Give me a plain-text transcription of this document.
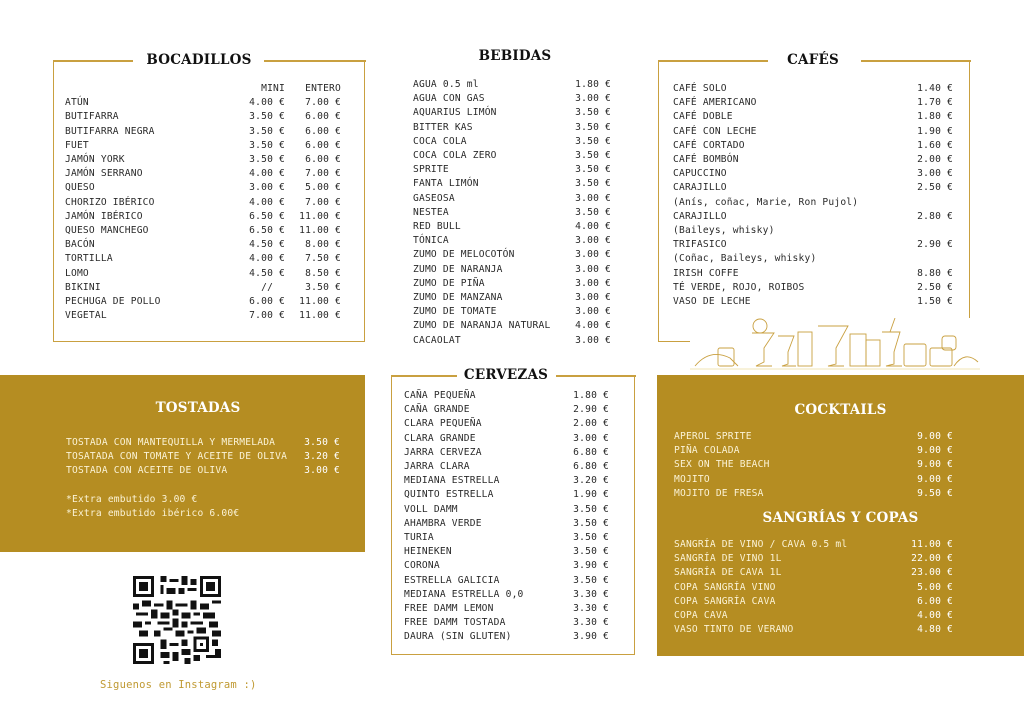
BOCADILLOS
MINI	ENTERO
ATÚN	4.00 €	7.00 €
BUTIFARRA	3.50 €	6.00 €
BUTIFARRA NEGRA	3.50 €	6.00 €
FUET	3.50 €	6.00 €
JAMÓN YORK	3.50 €	6.00 €
JAMÓN SERRANO	4.00 €	7.00 €
QUESO	3.00 €	5.00 €
CHORIZO IBÉRICO	4.00 €	7.00 €
JAMÓN IBÉRICO	6.50 €	11.00 €
QUESO MANCHEGO	6.50 €	11.00 €
BACÓN	4.50 €	8.00 €
TORTILLA	4.00 €	7.50 €
LOMO	4.50 €	8.50 €
BIKINI	//	3.50 €
PECHUGA DE POLLO	6.00 €	11.00 €
VEGETAL	7.00 €	11.00 €
BEBIDAS
AGUA 0.5 ml	1.80 €
AGUA CON GAS	3.00 €
AQUARIUS LIMÓN	3.50 €
BITTER KAS	3.50 €
COCA COLA	3.50 €
COCA COLA ZERO	3.50 €
SPRITE	3.50 €
FANTA LIMÓN	3.50 €
GASEOSA	3.00 €
NESTEA	3.50 €
RED BULL	4.00 €
TÓNICA	3.00 €
ZUMO DE MELOCOTÓN	3.00 €
ZUMO DE NARANJA	3.00 €
ZUMO DE PIÑA	3.00 €
ZUMO DE MANZANA	3.00 €
ZUMO DE TOMATE	3.00 €
ZUMO DE NARANJA NATURAL	4.00 €
CACAOLAT	3.00 €
CAFÉS
CAFÉ SOLO	1.40 €
CAFÉ AMERICANO	1.70 €
CAFÉ DOBLE	1.80 €
CAFÉ CON LECHE	1.90 €
CAFÉ CORTADO	1.60 €
CAFÉ BOMBÓN	2.00 €
CAPUCCINO	3.00 €
CARAJILLO	2.50 €
(Anís, coñac, Marie, Ron Pujol)
CARAJILLO	2.80 €
(Baileys, whisky)
TRIFASICO	2.90 €
(Coñac, Baileys, whisky)
IRISH COFFE	8.80 €
TÉ VERDE, ROJO, ROIBOS	2.50 €
VASO DE LECHE	1.50 €
CERVEZAS
CAÑA PEQUEÑA	1.80 €
CAÑA GRANDE	2.90 €
CLARA PEQUEÑA	2.00 €
CLARA GRANDE	3.00 €
JARRA CERVEZA	6.80 €
JARRA CLARA	6.80 €
MEDIANA ESTRELLA	3.20 €
QUINTO ESTRELLA	1.90 €
VOLL DAMM	3.50 €
AHAMBRA VERDE	3.50 €
TURIA	3.50 €
HEINEKEN	3.50 €
CORONA	3.90 €
ESTRELLA GALICIA	3.50 €
MEDIANA ESTRELLA 0,0	3.30 €
FREE DAMM LEMON	3.30 €
FREE DAMM TOSTADA	3.30 €
DAURA (SIN GLUTEN)	3.90 €
TOSTADAS
TOSTADA CON MANTEQUILLA Y MERMELADA	3.50 €
TOSATADA CON TOMATE Y ACEITE DE OLIVA	3.20 €
TOSTADA CON ACEITE DE OLIVA	3.00 €
*Extra embutido 3.00 €
*Extra embutido ibérico 6.00€
COCKTAILS
APEROL SPRITE	9.00 €
PIÑA COLADA	9.00 €
SEX ON THE BEACH	9.00 €
MOJITO	9.00 €
MOJITO DE FRESA	9.50 €
SANGRÍAS Y COPAS
SANGRÍA DE VINO / CAVA 0.5 ml	11.00 €
SANGRÍA DE VINO 1L	22.00 €
SANGRÍA DE CAVA 1L	23.00 €
COPA SANGRÍA VINO	5.00 €
COPA SANGRÍA CAVA	6.00 €
COPA CAVA	4.00 €
VASO TINTO DE VERANO	4.80 €
Siguenos en Instagram :)
